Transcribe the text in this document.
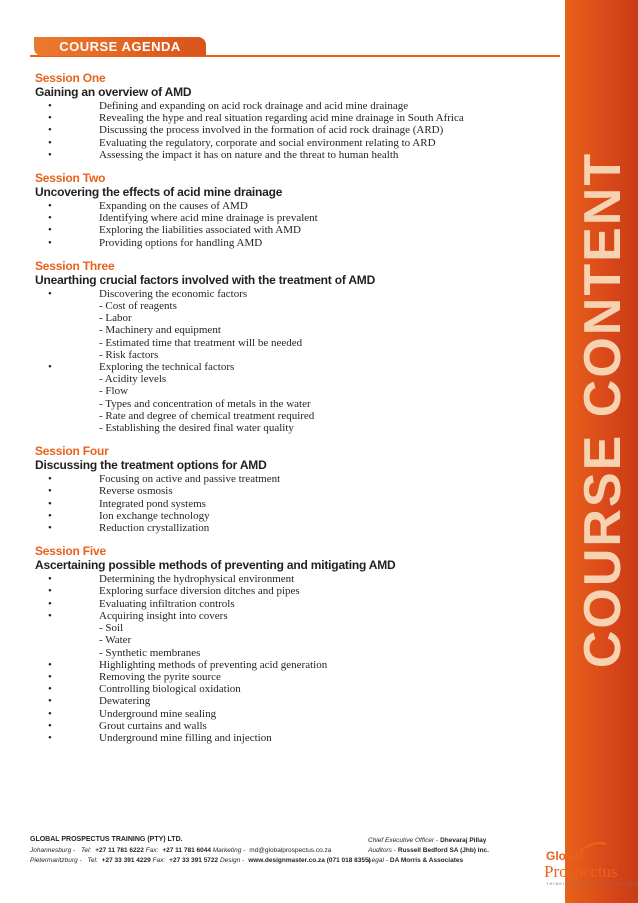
COURSE CONTENT
COURSE AGENDA
Session One
Gaining an overview of AMD
•	Defining and expanding on acid rock drainage and acid mine drainage
•	Revealing the hype and real situation regarding acid mine drainage in South Africa
•	Discussing the process involved in the formation of acid rock drainage (ARD)
•	Evaluating the regulatory, corporate and social environment relating to ARD
•	Assessing the impact it has on nature and the threat to human health
Session Two
Uncovering the effects of acid mine drainage
•	Expanding on the causes of AMD
•	Identifying where acid mine drainage is prevalent
•	Exploring the liabilities associated with AMD
•	Providing options for handling AMD
Session Three
Unearthing crucial factors involved with the treatment of AMD
•	Discovering the economic factors
- Cost of reagents
- Labor
- Machinery and equipment
- Estimated time that treatment will be needed
- Risk factors
•	Exploring the technical factors
- Acidity levels
- Flow
- Types and concentration of metals in the water
- Rate and degree of chemical treatment required
- Establishing the desired final water quality
Session Four
Discussing the treatment options for AMD
•	Focusing on active and passive treatment
•	Reverse osmosis
•	Integrated pond systems
•	Ion exchange technology
•	Reduction crystallization
Session Five
Ascertaining possible methods of preventing and mitigating AMD
•	Determining the hydrophysical environment
•	Exploring surface diversion ditches and pipes
•	Evaluating infiltration controls
•	Acquiring insight into covers
- Soil
- Water
- Synthetic membranes
•	Highlighting methods of preventing acid generation
•	Removing the pyrite source
•	Controlling biological oxidation
•	Dewatering
•	Underground mine sealing
•	Grout curtains and walls
•	Underground mine filling and injection
GLOBAL PROSPECTUS TRAINING (PTY) LTD.
Johannesburg - Tel: +27 11 781 6222 Fax: +27 11 781 6044 Marketing - md@globalprospectus.co.za
Pietermaritzburg - Tel: +27 33 391 4229 Fax: +27 33 391 5722 Design - www.designmaster.co.za (071 018 8355)
Chief Executive Officer - Dhevaraj Pillay
Auditors - Russell Bedford SA (Jhb) Inc.
Legal - DA Morris & Associates	Global
Prospectus
THINKING BEYOND THE OBVIOUS
